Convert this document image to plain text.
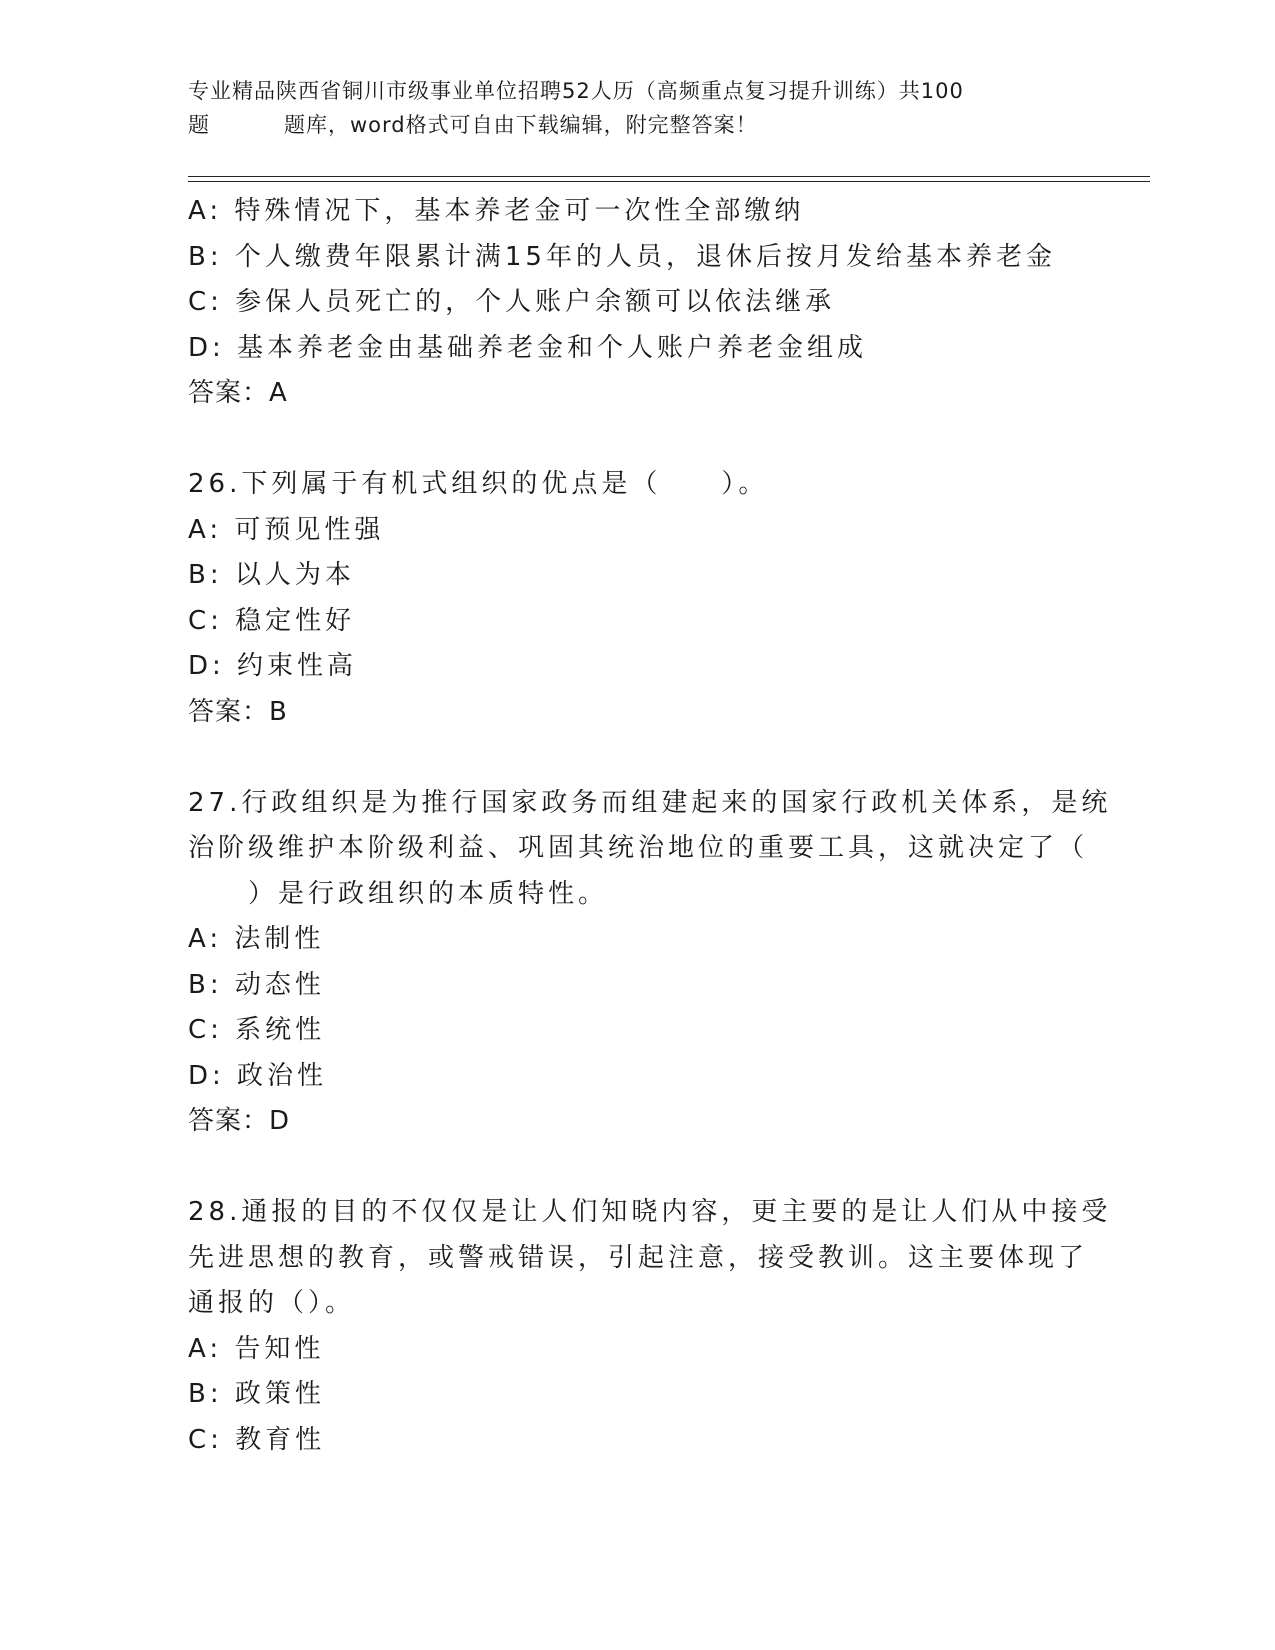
专业精品陕西省铜川市级事业单位招聘52人历（高频重点复习提升训练）共100
题	题库，word格式可自由下载编辑，附完整答案！
A: 特殊情况下，基本养老金可一次性全部缴纳
B: 个人缴费年限累计满15年的人员，退休后按月发给基本养老金
C: 参保人员死亡的，个人账户余额可以依法继承
D: 基本养老金由基础养老金和个人账户养老金组成
答案：A
26.下列属于有机式组织的优点是（　　）。
A: 可预见性强
B: 以人为本
C: 稳定性好
D: 约束性高
答案：B
27.行政组织是为推行国家政务而组建起来的国家行政机关体系，是统
治阶级维护本阶级利益、巩固其统治地位的重要工具，这就决定了（
）是行政组织的本质特性。
A: 法制性
B: 动态性
C: 系统性
D: 政治性
答案：D
28.通报的目的不仅仅是让人们知晓内容，更主要的是让人们从中接受
先进思想的教育，或警戒错误，引起注意，接受教训。这主要体现了
通报的（）。
A: 告知性
B: 政策性
C: 教育性
